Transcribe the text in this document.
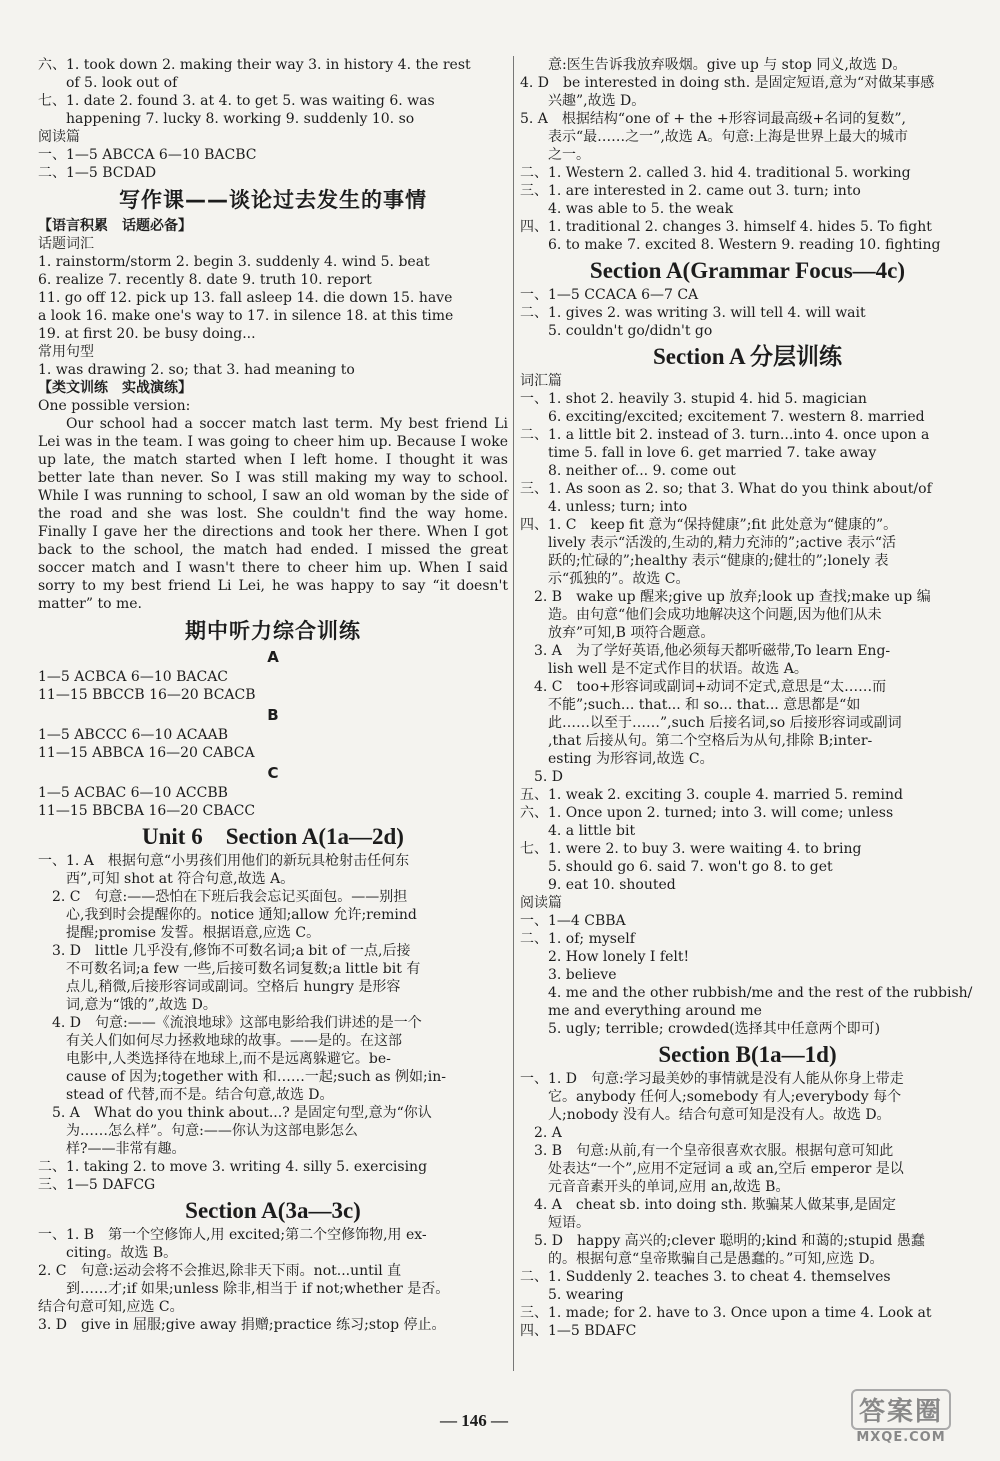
六、1. took down 2. making their way 3. in history 4. the rest
of 5. look out of
七、1. date 2. found 3. at 4. to get 5. was waiting 6. was
happening 7. lucky 8. working 9. suddenly 10. so
阅读篇
一、1—5 ABCCA 6—10 BACBC
二、1—5 BCDAD
写作课——谈论过去发生的事情
【语言积累　话题必备】
话题词汇
1. rainstorm/storm 2. begin 3. suddenly 4. wind 5. beat
6. realize 7. recently 8. date 9. truth 10. report
11. go off 12. pick up 13. fall asleep 14. die down 15. have
a look 16. make one's way to 17. in silence 18. at this time
19. at first 20. be busy doing...
常用句型
1. was drawing 2. so; that 3. had meaning to
【类文训练　实战演练】
One possible version:

Our school had a soccer match last term. My best friend Li Lei was in the team. I was going to cheer him up. Because I woke up late, the match started when I left home. I thought it was better late than never. So I was still making my way to school. While I was running to school, I saw an old woman by the side of the road and she was lost. She couldn't find the way home. Finally I gave her the directions and took her there. When I got back to the school, the match had ended. I missed the great soccer match and I wasn't there to cheer him up. When I said sorry to my best friend Li Lei, he was happy to say “it doesn't matter” to me.

期中听力综合训练
A
1—5 ACBCA 6—10 BACAC
11—15 BBCCB 16—20 BCACB
B
1—5 ABCCC 6—10 ACAAB
11—15 ABBCA 16—20 CABCA
C
1—5 ACBAC 6—10 ACCBB
11—15 BBCBA 16—20 CBACC
Unit 6　Section A(1a—2d)
一、1. A　根据句意“小男孩们用他们的新玩具枪射击任何东
西”,可知 shot at 符合句意,故选 A。
2. C　句意:——恐怕在下班后我会忘记买面包。——别担
心,我到时会提醒你的。notice 通知;allow 允许;remind
提醒;promise 发誓。根据语意,应选 C。
3. D　little 几乎没有,修饰不可数名词;a bit of 一点,后接
不可数名词;a few 一些,后接可数名词复数;a little bit 有
点儿,稍微,后接形容词或副词。空格后 hungry 是形容
词,意为“饿的”,故选 D。
4. D　句意:——《流浪地球》这部电影给我们讲述的是一个
有关人们如何尽力拯救地球的故事。——是的。在这部
电影中,人类选择待在地球上,而不是远离躲避它。be-
cause of 因为;together with 和……一起;such as 例如;in-
stead of 代替,而不是。结合句意,故选 D。
5. A　What do you think about...? 是固定句型,意为“你认
为……怎么样”。句意:——你认为这部电影怎么
样?——非常有趣。
二、1. taking 2. to move 3. writing 4. silly 5. exercising
三、1—5 DAFCG
Section A(3a—3c)
一、1. B　第一个空修饰人,用 excited;第二个空修饰物,用 ex-
citing。故选 B。
2. C　句意:运动会将不会推迟,除非天下雨。not...until 直
到……才;if 如果;unless 除非,相当于 if not;whether 是否。
结合句意可知,应选 C。
3. D　give in 屈服;give away 捐赠;practice 练习;stop 停止。
意:医生告诉我放弃吸烟。give up 与 stop 同义,故选 D。
4. D　be interested in doing sth. 是固定短语,意为“对做某事感
兴趣”,故选 D。
5. A　根据结构“one of + the +形容词最高级+名词的复数”,
表示“最……之一”,故选 A。句意:上海是世界上最大的城市
之一。
二、1. Western 2. called 3. hid 4. traditional 5. working
三、1. are interested in 2. came out 3. turn; into
4. was able to 5. the weak
四、1. traditional 2. changes 3. himself 4. hides 5. To fight
6. to make 7. excited 8. Western 9. reading 10. fighting
Section A(Grammar Focus—4c)
一、1—5 CCACA 6—7 CA
二、1. gives 2. was writing 3. will tell 4. will wait
5. couldn't go/didn't go
Section A 分层训练
词汇篇
一、1. shot 2. heavily 3. stupid 4. hid 5. magician
6. exciting/excited; excitement 7. western 8. married
二、1. a little bit 2. instead of 3. turn...into 4. once upon a
time 5. fall in love 6. get married 7. take away
8. neither of... 9. come out
三、1. As soon as 2. so; that 3. What do you think about/of
4. unless; turn; into
四、1. C　keep fit 意为“保持健康”;fit 此处意为“健康的”。
lively 表示“活泼的,生动的,精力充沛的”;active 表示“活
跃的;忙碌的”;healthy 表示“健康的;健壮的”;lonely 表
示“孤独的”。故选 C。
2. B　wake up 醒来;give up 放弃;look up 查找;make up 编
造。由句意“他们会成功地解决这个问题,因为他们从未
放弃”可知,B 项符合题意。
3. A　为了学好英语,他必须每天都听磁带,To learn Eng-
lish well 是不定式作目的状语。故选 A。
4. C　too+形容词或副词+动词不定式,意思是“太……而
不能”;such... that... 和 so... that... 意思都是“如
此……以至于……”,such 后接名词,so 后接形容词或副词
,that 后接从句。第二个空格后为从句,排除 B;inter-
esting 为形容词,故选 C。
5. D
五、1. weak 2. exciting 3. couple 4. married 5. remind
六、1. Once upon 2. turned; into 3. will come; unless
4. a little bit
七、1. were 2. to buy 3. were waiting 4. to bring
5. should go 6. said 7. won't go 8. to get
9. eat 10. shouted
阅读篇
一、1—4 CBBA
二、1. of; myself
2. How lonely I felt!
3. believe
4. me and the other rubbish/me and the rest of the rubbish/
me and everything around me
5. ugly; terrible; crowded(选择其中任意两个即可)
Section B(1a—1d)
一、1. D　句意:学习最美妙的事情就是没有人能从你身上带走
它。anybody 任何人;somebody 有人;everybody 每个
人;nobody 没有人。结合句意可知是没有人。故选 D。
2. A
3. B　句意:从前,有一个皇帝很喜欢衣服。根据句意可知此
处表达“一个”,应用不定冠词 a 或 an,空后 emperor 是以
元音音素开头的单词,应用 an,故选 B。
4. A　cheat sb. into doing sth. 欺骗某人做某事,是固定
短语。
5. D　happy 高兴的;clever 聪明的;kind 和蔼的;stupid 愚蠢
的。根据句意“皇帝欺骗自己是愚蠢的。”可知,应选 D。
二、1. Suddenly 2. teaches 3. to cheat 4. themselves
5. wearing
三、1. made; for 2. have to 3. Once upon a time 4. Look at
四、1—5 BDAFC
— 146 —	答案圈
MXQE.COM
